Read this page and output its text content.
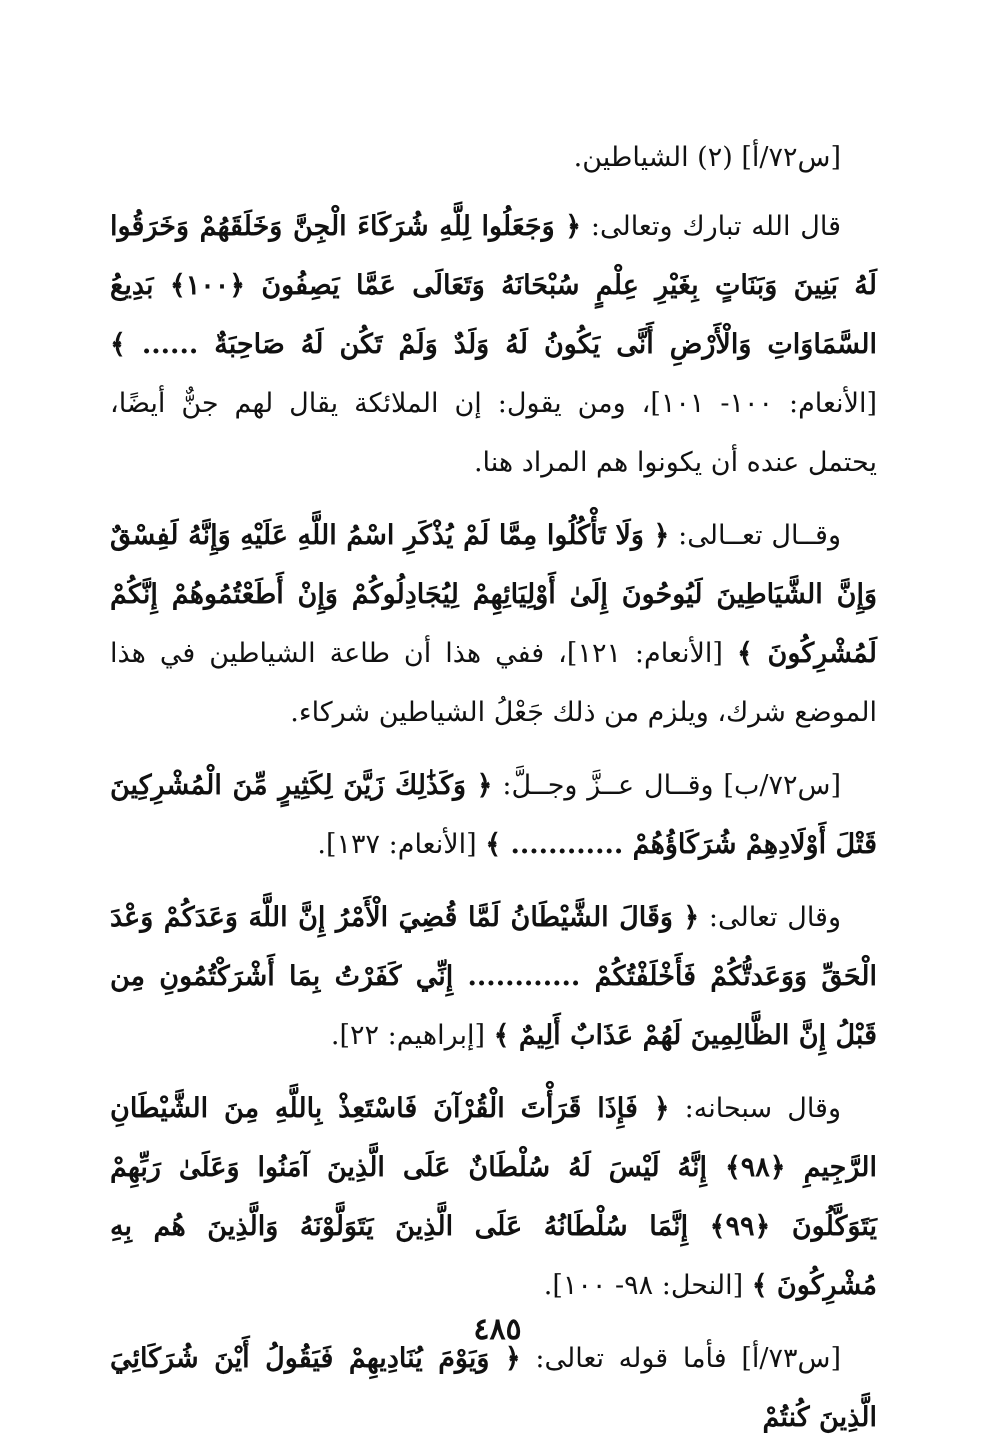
[س٧٢/أ] (٢) الشياطين.

قال الله تبارك وتعالى: ﴿ وَجَعَلُوا لِلَّهِ شُرَكَاءَ الْجِنَّ وَخَلَقَهُمْ وَخَرَقُوا لَهُ بَنِينَ وَبَنَاتٍ بِغَيْرِ عِلْمٍ سُبْحَانَهُ وَتَعَالَى عَمَّا يَصِفُونَ ﴿١٠٠﴾ بَدِيعُ السَّمَاوَاتِ وَالْأَرْضِ أَنَّى يَكُونُ لَهُ وَلَدٌ وَلَمْ تَكُن لَهُ صَاحِبَةٌ ...... ﴾ [الأنعام: ١٠٠- ١٠١]، ومن يقول: إن الملائكة يقال لهم جنٌّ أيضًا، يحتمل عنده أن يكونوا هم المراد هنا.

وقــال تعــالى: ﴿ وَلَا تَأْكُلُوا مِمَّا لَمْ يُذْكَرِ اسْمُ اللَّهِ عَلَيْهِ وَإِنَّهُ لَفِسْقٌ وَإِنَّ الشَّيَاطِينَ لَيُوحُونَ إِلَىٰ أَوْلِيَائِهِمْ لِيُجَادِلُوكُمْ وَإِنْ أَطَعْتُمُوهُمْ إِنَّكُمْ لَمُشْرِكُونَ ﴾ [الأنعام: ١٢١]، ففي هذا أن طاعة الشياطين في هذا الموضع شرك، ويلزم من ذلك جَعْلُ الشياطين شركاء.

[س٧٢/ب] وقــال عــزَّ وجــلَّ: ﴿ وَكَذَٰلِكَ زَيَّنَ لِكَثِيرٍ مِّنَ الْمُشْرِكِينَ قَتْلَ أَوْلَادِهِمْ شُرَكَاؤُهُمْ ............ ﴾ [الأنعام: ١٣٧].

وقال تعالى: ﴿ وَقَالَ الشَّيْطَانُ لَمَّا قُضِيَ الْأَمْرُ إِنَّ اللَّهَ وَعَدَكُمْ وَعْدَ الْحَقِّ وَوَعَدتُّكُمْ فَأَخْلَفْتُكُمْ ............ إِنِّي كَفَرْتُ بِمَا أَشْرَكْتُمُونِ مِن قَبْلُ إِنَّ الظَّالِمِينَ لَهُمْ عَذَابٌ أَلِيمٌ ﴾ [إبراهيم: ٢٢].

وقال سبحانه: ﴿ فَإِذَا قَرَأْتَ الْقُرْآنَ فَاسْتَعِذْ بِاللَّهِ مِنَ الشَّيْطَانِ الرَّجِيمِ ﴿٩٨﴾ إِنَّهُ لَيْسَ لَهُ سُلْطَانٌ عَلَى الَّذِينَ آمَنُوا وَعَلَىٰ رَبِّهِمْ يَتَوَكَّلُونَ ﴿٩٩﴾ إِنَّمَا سُلْطَانُهُ عَلَى الَّذِينَ يَتَوَلَّوْنَهُ وَالَّذِينَ هُم بِهِ مُشْرِكُونَ ﴾ [النحل: ٩٨- ١٠٠].

[س٧٣/أ] فأما قوله تعالى: ﴿ وَيَوْمَ يُنَادِيهِمْ فَيَقُولُ أَيْنَ شُرَكَائِيَ الَّذِينَ كُنتُمْ

٤٨٥
